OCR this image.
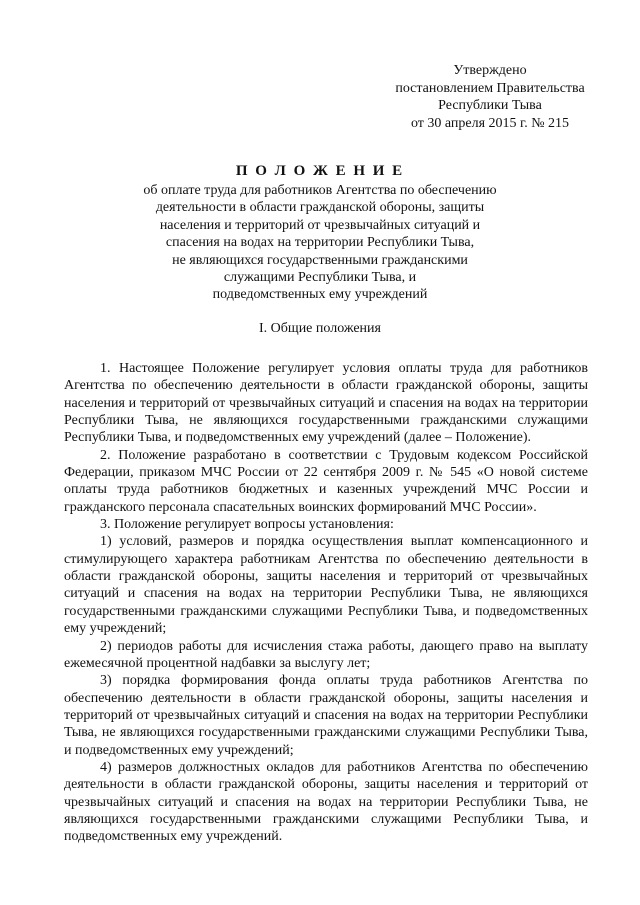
Утверждено
постановлением Правительства
Республики Тыва
от 30 апреля 2015 г. № 215
П О Л О Ж Е Н И Е
об оплате труда для работников Агентства по обеспечению
деятельности в области гражданской обороны, защиты
населения и территорий от чрезвычайных ситуаций и
спасения на водах на территории Республики Тыва,
не являющихся государственными гражданскими
служащими Республики Тыва, и
подведомственных ему учреждений
I. Общие положения

1. Настоящее Положение регулирует условия оплаты труда для работников Агентства по обеспечению деятельности в области гражданской обороны, защиты населения и территорий от чрезвычайных ситуаций и спасения на водах на территории Республики Тыва, не являющихся государственными гражданскими служащими Республики Тыва, и подведомственных ему учреждений (далее – Положение).

2. Положение разработано в соответствии с Трудовым кодексом Российской Федерации, приказом МЧС России от 22 сентября 2009 г. № 545 «О новой системе оплаты труда работников бюджетных и казенных учреждений МЧС России и гражданского персонала спасательных воинских формирований МЧС России».

3. Положение регулирует вопросы установления:

1) условий, размеров и порядка осуществления выплат компенсационного и стимулирующего характера работникам Агентства по обеспечению деятельности в области гражданской обороны, защиты населения и территорий от чрезвычайных ситуаций и спасения на водах на территории Республики Тыва, не являющихся государственными гражданскими служащими Республики Тыва, и подведомственных ему учреждений;

2) периодов работы для исчисления стажа работы, дающего право на выплату ежемесячной процентной надбавки за выслугу лет;

3) порядка формирования фонда оплаты труда работников Агентства по обеспечению деятельности в области гражданской обороны, защиты населения и территорий от чрезвычайных ситуаций и спасения на водах на территории Республики Тыва, не являющихся государственными гражданскими служащими Республики Тыва, и подведомственных ему учреждений;

4) размеров должностных окладов для работников Агентства по обеспечению деятельности в области гражданской обороны, защиты населения и территорий от чрезвычайных ситуаций и спасения на водах на территории Республики Тыва, не являющихся государственными гражданскими служащими Республики Тыва, и подведомственных ему учреждений.
